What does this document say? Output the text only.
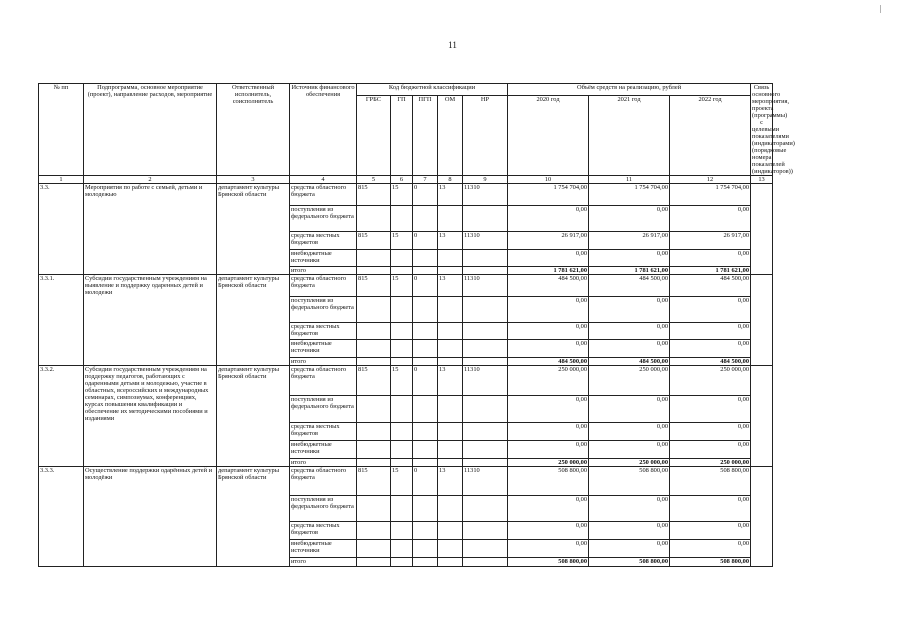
11
|
№ пп	Подпрограмма, основное мероприятие (проект), направление расходов, мероприятие	Ответственный исполнитель, соисполнитель	Источник финансового обеспечения	Код бюджетной классификации					Объём средств на реализацию, рублей			Связь основного мероприятия, проекта (программы) с целевыми показателями (индикаторами) (порядковые номера показателей (индикаторов))
				ГРБС	ГП	ПГП	ОМ	НР	2020 год	2021 год	2022 год	
1	2	3	4	5	6	7	8	9	10	11	12	13
3.3.	Мероприятия по работе с семьей, детьми и молодежью	департамент культуры Брянской области	средства областного бюджета	815	15	0	13	11310	1 754 704,00	1 754 704,00	1 754 704,00	
			поступления из федерального бюджета						0,00	0,00	0,00	
			средства местных бюджетов	815	15	0	13	11310	26 917,00	26 917,00	26 917,00	
			внебюджетные источники						0,00	0,00	0,00	
			итого						1 781 621,00	1 781 621,00	1 781 621,00	
3.3.1.	Субсидии государственным учреждениям на выявление и поддержку одаренных детей и молодежи	департамент культуры Брянской области	средства областного бюджета	815	15	0	13	11310	484 500,00	484 500,00	484 500,00	
			поступления из федерального бюджета						0,00	0,00	0,00	
			средства местных бюджетов						0,00	0,00	0,00	
			внебюджетные источники						0,00	0,00	0,00	
			итого						484 500,00	484 500,00	484 500,00	
3.3.2.	Субсидии государственным учреждениям на поддержку педагогов, работающих с одаренными детьми и молодежью, участие в областных, всероссийских и международных семинарах, симпозиумах, конференциях, курсах повышения квалификации и обеспечение их методическими пособиями и изданиями	департамент культуры Брянской области	средства областного бюджета	815	15	0	13	11310	250 000,00	250 000,00	250 000,00	
			поступления из федерального бюджета						0,00	0,00	0,00	
			средства местных бюджетов						0,00	0,00	0,00	
			внебюджетные источники						0,00	0,00	0,00	
			итого						250 000,00	250 000,00	250 000,00	
3.3.3.	Осуществление поддержки одарённых детей и молодёжи	департамент культуры Брянской области	средства областного бюджета	815	15	0	13	11310	508 800,00	508 800,00	508 800,00	
			поступления из федерального бюджета						0,00	0,00	0,00	
			средства местных бюджетов						0,00	0,00	0,00	
			внебюджетные источники						0,00	0,00	0,00	
			итого						508 800,00	508 800,00	508 800,00	
